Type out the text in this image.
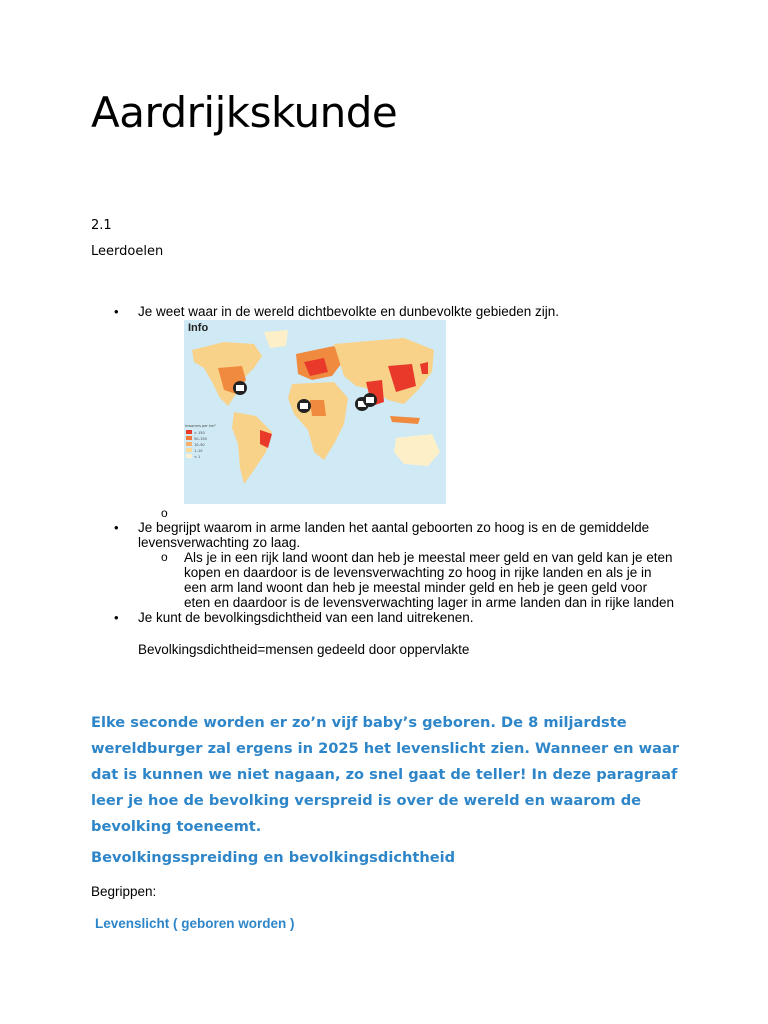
Aardrijkskunde
2.1
Leerdoelen
• Je weet waar in de wereld dichtbevolkte en dunbevolkte gebieden zijn.
Inwoners per km²
> 150
50–150
10–50
1–10
< 1
Info
o
• Je begrijpt waarom in arme landen het aantal geboorten zo hoog is en de gemiddelde
levensverwachting zo laag.
o Als je in een rijk land woont dan heb je meestal meer geld en van geld kan je eten
kopen en daardoor is de levensverwachting zo hoog in rijke landen en als je in
een arm land woont dan heb je meestal minder geld en heb je geen geld voor
eten en daardoor is de levensverwachting lager in arme landen dan in rijke landen
• Je kunt de bevolkingsdichtheid van een land uitrekenen.
Bevolkingsdichtheid=mensen gedeeld door oppervlakte

Elke seconde worden er zo’n vijf baby’s geboren. De 8 miljardste wereldburger zal ergens in 2025 het levenslicht zien. Wanneer en waar dat is kunnen we niet nagaan, zo snel gaat de teller! In deze paragraaf leer je hoe de bevolking verspreid is over de wereld en waarom de bevolking toeneemt.

Bevolkingsspreiding en bevolkingsdichtheid
Begrippen:
Levenslicht ( geboren worden )
